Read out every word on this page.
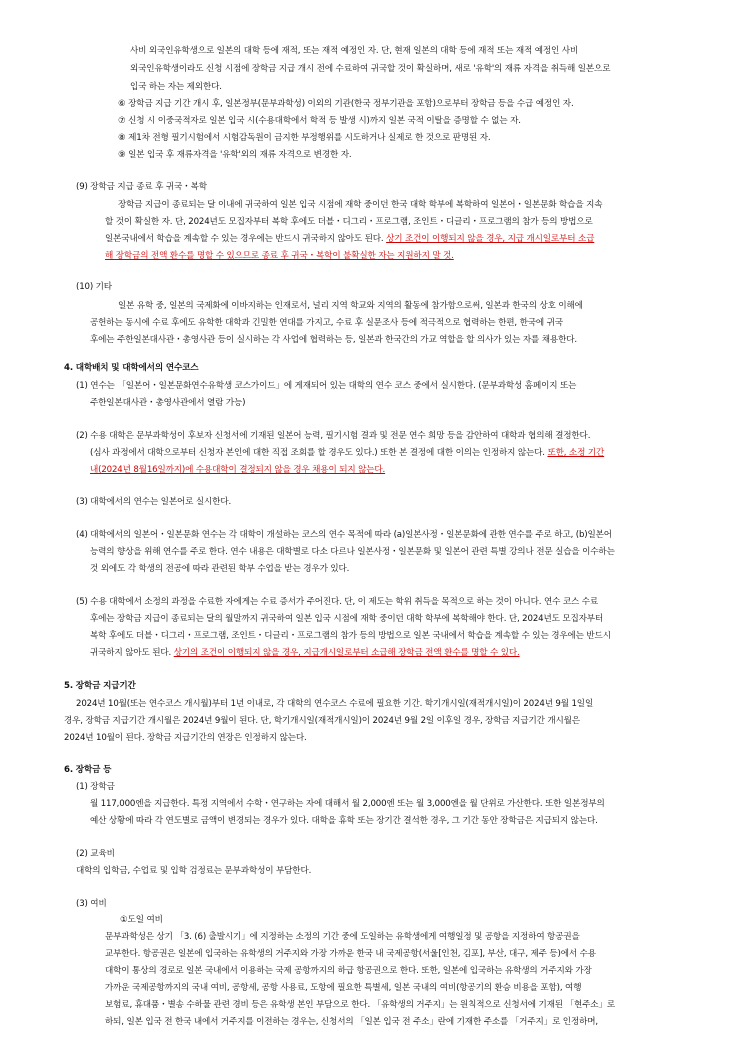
사비 외국인유학생으로 일본의 대학 등에 재적, 또는 재적 예정인 자. 단, 현재 일본의 대학 등에 재적 또는 재적 예정인 사비
외국인유학생이라도 신청 시점에 장학금 지급 개시 전에 수료하여 귀국할 것이 확실하며, 새로 '유학'의 재류 자격을 취득해 일본으로
입국 하는 자는 제외한다.
⑥ 장학금 지급 기간 개시 후, 일본정부(문부과학성) 이외의 기관(한국 정부기관을 포함)으로부터 장학금 등을 수급 예정인 자.
⑦ 신청 시 이중국적자로 일본 입국 시(수용대학에서 학적 등 발생 시)까지 일본 국적 이탈을 증명할 수 없는 자.
⑧ 제1차 전형 필기시험에서 시험감독원이 금지한 부정행위를 시도하거나 실제로 한 것으로 판명된 자.
⑨ 일본 입국 후 재류자격을 '유학'외의 재류 자격으로 변경한 자.
(9) 장학금 지급 종료 후 귀국・복학
장학금 지급이 종료되는 달 이내에 귀국하여 일본 입국 시점에 재학 중이던 한국 대학 학부에 복학하여 일본어・일본문화 학습을 지속
할 것이 확실한 자. 단, 2024년도 모집자부터 복학 후에도 더블・디그리・프로그램, 조인트・디글리・프로그램의 참가 등의 방법으로
일본국내에서 학습을 계속할 수 있는 경우에는 반드시 귀국하지 않아도 된다. 상기 조건이 이행되지 않을 경우, 지급 개시일로부터 소급
해 장학금의 전액 환수를 명할 수 있으므로 종료 후 귀국・복학이 불확실한 자는 지원하지 말 것.
(10) 기타
일본 유학 중, 일본의 국제화에 이바지하는 인재로서, 널리 지역 학교와 지역의 활동에 참가함으로써, 일본과 한국의 상호 이해에
공헌하는 동시에 수료 후에도 유학한 대학과 긴밀한 연대를 가지고, 수료 후 실문조사 등에 적극적으로 협력하는 한편, 한국에 귀국
후에는 주한일본대사관・총영사관 등이 실시하는 각 사업에 협력하는 등, 일본과 한국간의 가교 역할을 할 의사가 있는 자를 채용한다.
4. 대학배치 및 대학에서의 연수코스
(1) 연수는 「일본어・일본문화연수유학생 코스가이드」에 게재되어 있는 대학의 연수 코스 중에서 실시한다. (문부과학성 홈페이지 또는
주한일본대사관・총영사관에서 열람 가능)
(2) 수용 대학은 문부과학성이 후보자 신청서에 기재된 일본어 능력, 필기시험 결과 및 전문 연수 희망 등을 감안하여 대학과 협의해 결정한다.
(심사 과정에서 대학으로부터 신청자 본인에 대한 직접 조회를 할 경우도 있다.) 또한 본 결정에 대한 이의는 인정하지 않는다. 또한, 소정 기간
내(2024년 8월16일까지)에 수용대학이 결정되지 않을 경우 채용이 되지 않는다.
(3) 대학에서의 연수는 일본어로 실시한다.
(4) 대학에서의 일본어・일본문화 연수는 각 대학이 개설하는 코스의 연수 목적에 따라 (a)일본사정・일본문화에 관한 연수를 주로 하고, (b)일본어
능력의 향상을 위해 연수를 주로 한다. 연수 내용은 대학별로 다소 다르나 일본사정・일본문화 및 일본어 관련 특별 강의나 전문 실습을 이수하는
것 외에도 각 학생의 전공에 따라 관련된 학부 수업을 받는 경우가 있다.
(5) 수용 대학에서 소정의 과정을 수료한 자에게는 수료 증서가 주어진다. 단, 이 제도는 학위 취득을 목적으로 하는 것이 아니다. 연수 코스 수료
후에는 장학금 지급이 종료되는 달의 월말까지 귀국하여 일본 입국 시점에 재학 중이던 대학 학부에 복학해야 한다. 단, 2024년도 모집자부터
복학 후에도 더블・디그리・프로그램, 조인트・디글리・프로그램의 참가 등의 방법으로 일본 국내에서 학습을 계속할 수 있는 경우에는 반드시
귀국하지 않아도 된다. 상기의 조건이 이행되지 않을 경우, 지급개시일로부터 소급해 장학금 전액 환수를 명할 수 있다.
5. 장학금 지급기간
2024년 10월(또는 연수코스 개시월)부터 1년 이내로, 각 대학의 연수코스 수료에 필요한 기간. 학기개시일(재적개시일)이 2024년 9월 1일일
경우, 장학금 지급기간 개시월은 2024년 9월이 된다. 단, 학기개시일(재적개시일)이 2024년 9월 2일 이후일 경우, 장학금 지급기간 개시월은
2024년 10월이 된다. 장학금 지급기간의 연장은 인정하지 않는다.
6. 장학금 등
(1) 장학금
월 117,000엔을 지급한다. 특정 지역에서 수학・연구하는 자에 대해서 월 2,000엔 또는 월 3,000엔을 월 단위로 가산한다. 또한 일본정부의
예산 상황에 따라 각 연도별로 금액이 변경되는 경우가 있다. 대학을 휴학 또는 장기간 결석한 경우, 그 기간 동안 장학금은 지급되지 않는다.
(2) 교육비
대학의 입학금, 수업료 및 입학 검정료는 문부과학성이 부담한다.
(3) 여비
①도일 여비
문부과학성은 상기 「3. (6) 출발시기」에 지정하는 소정의 기간 중에 도일하는 유학생에게 여행일정 및 공항을 지정하여 항공권을
교부한다. 항공권은 일본에 입국하는 유학생의 거주지와 가장 가까운 한국 내 국제공항(서울[인천, 김포], 부산, 대구, 제주 등)에서 수용
대학이 통상의 경로로 일본 국내에서 이용하는 국제 공항까지의 하급 항공권으로 한다. 또한, 일본에 입국하는 유학생의 거주지와 가장
가까운 국제공항까지의 국내 여비, 공항세, 공항 사용료, 도항에 필요한 특별세, 일본 국내의 여비(항공기의 환승 비용을 포함), 여행
보험료, 휴대품・별송 수하물 관련 경비 등은 유학생 본인 부담으로 한다. 「유학생의 거주지」는 원칙적으로 신청서에 기재된 「현주소」로
하되, 일본 입국 전 한국 내에서 거주지를 이전하는 경우는, 신청서의 「일본 입국 전 주소」란에 기재한 주소를 「거주지」로 인정하며,
